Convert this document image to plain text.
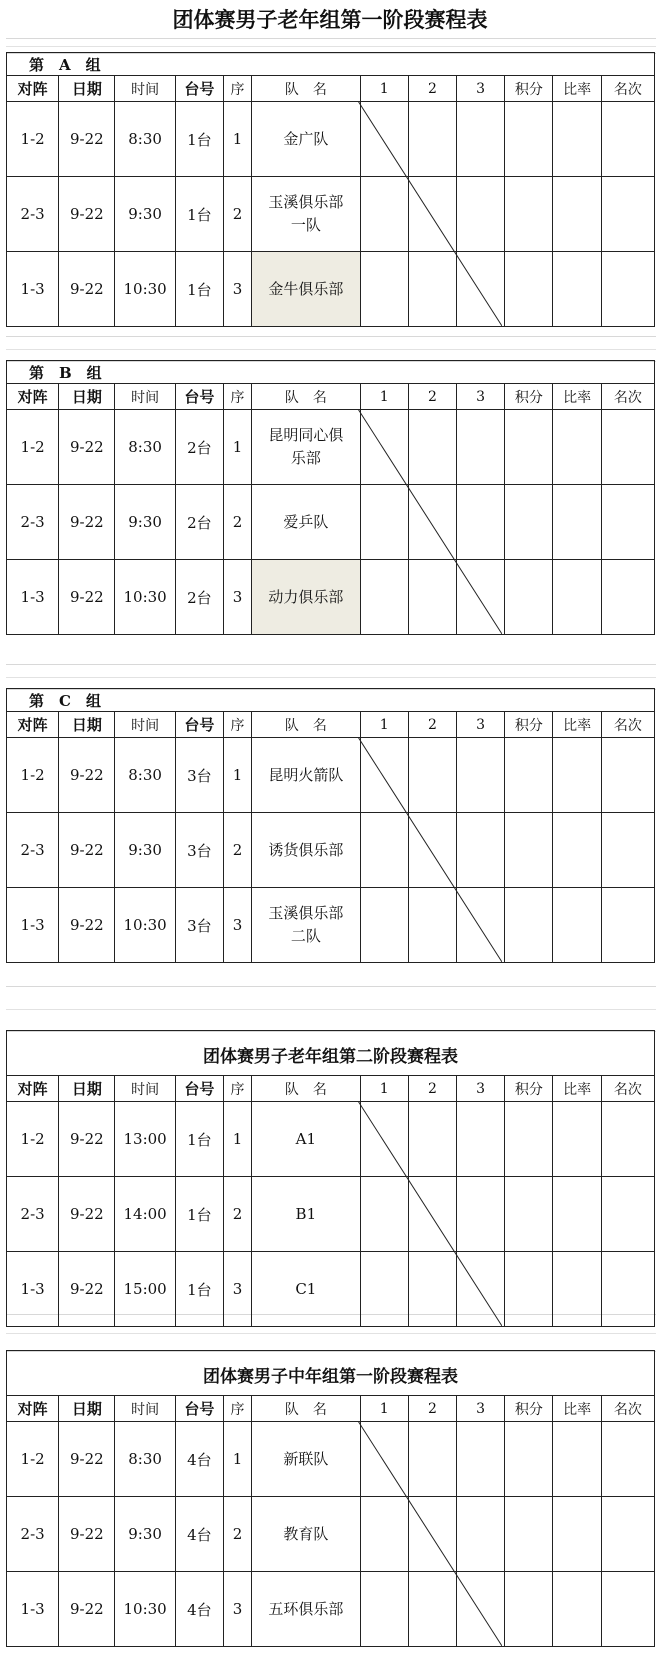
团体赛男子老年组第一阶段赛程表
第　A　组
对阵	日期	时间	台号	序	队　名	1	2	3	积分	比率	名次
1-2	9-22	8:30	1台	1	金广队						
2-3	9-22	9:30	1台	2	玉溪俱乐部
一队						

1-3	9-22	10:30	1台	3	金牛俱乐部						
第　B　组
对阵	日期	时间	台号	序	队　名	1	2	3	积分	比率	名次
1-2	9-22	8:30	2台	1	昆明同心俱
乐部						

2-3	9-22	9:30	2台	2	爱乒队						
1-3	9-22	10:30	2台	3	动力俱乐部						
第　C　组
对阵	日期	时间	台号	序	队　名	1	2	3	积分	比率	名次
1-2	9-22	8:30	3台	1	昆明火箭队						
2-3	9-22	9:30	3台	2	诱货俱乐部						
1-3	9-22	10:30	3台	3	玉溪俱乐部
二队						

团体赛男子老年组第二阶段赛程表
对阵	日期	时间	台号	序	队　名	1	2	3	积分	比率	名次
1-2	9-22	13:00	1台	1	A1						
2-3	9-22	14:00	1台	2	B1						
1-3	9-22	15:00	1台	3	C1						
团体赛男子中年组第一阶段赛程表
对阵	日期	时间	台号	序	队　名	1	2	3	积分	比率	名次
1-2	9-22	8:30	4台	1	新联队						
2-3	9-22	9:30	4台	2	教育队						
1-3	9-22	10:30	4台	3	五环俱乐部						
